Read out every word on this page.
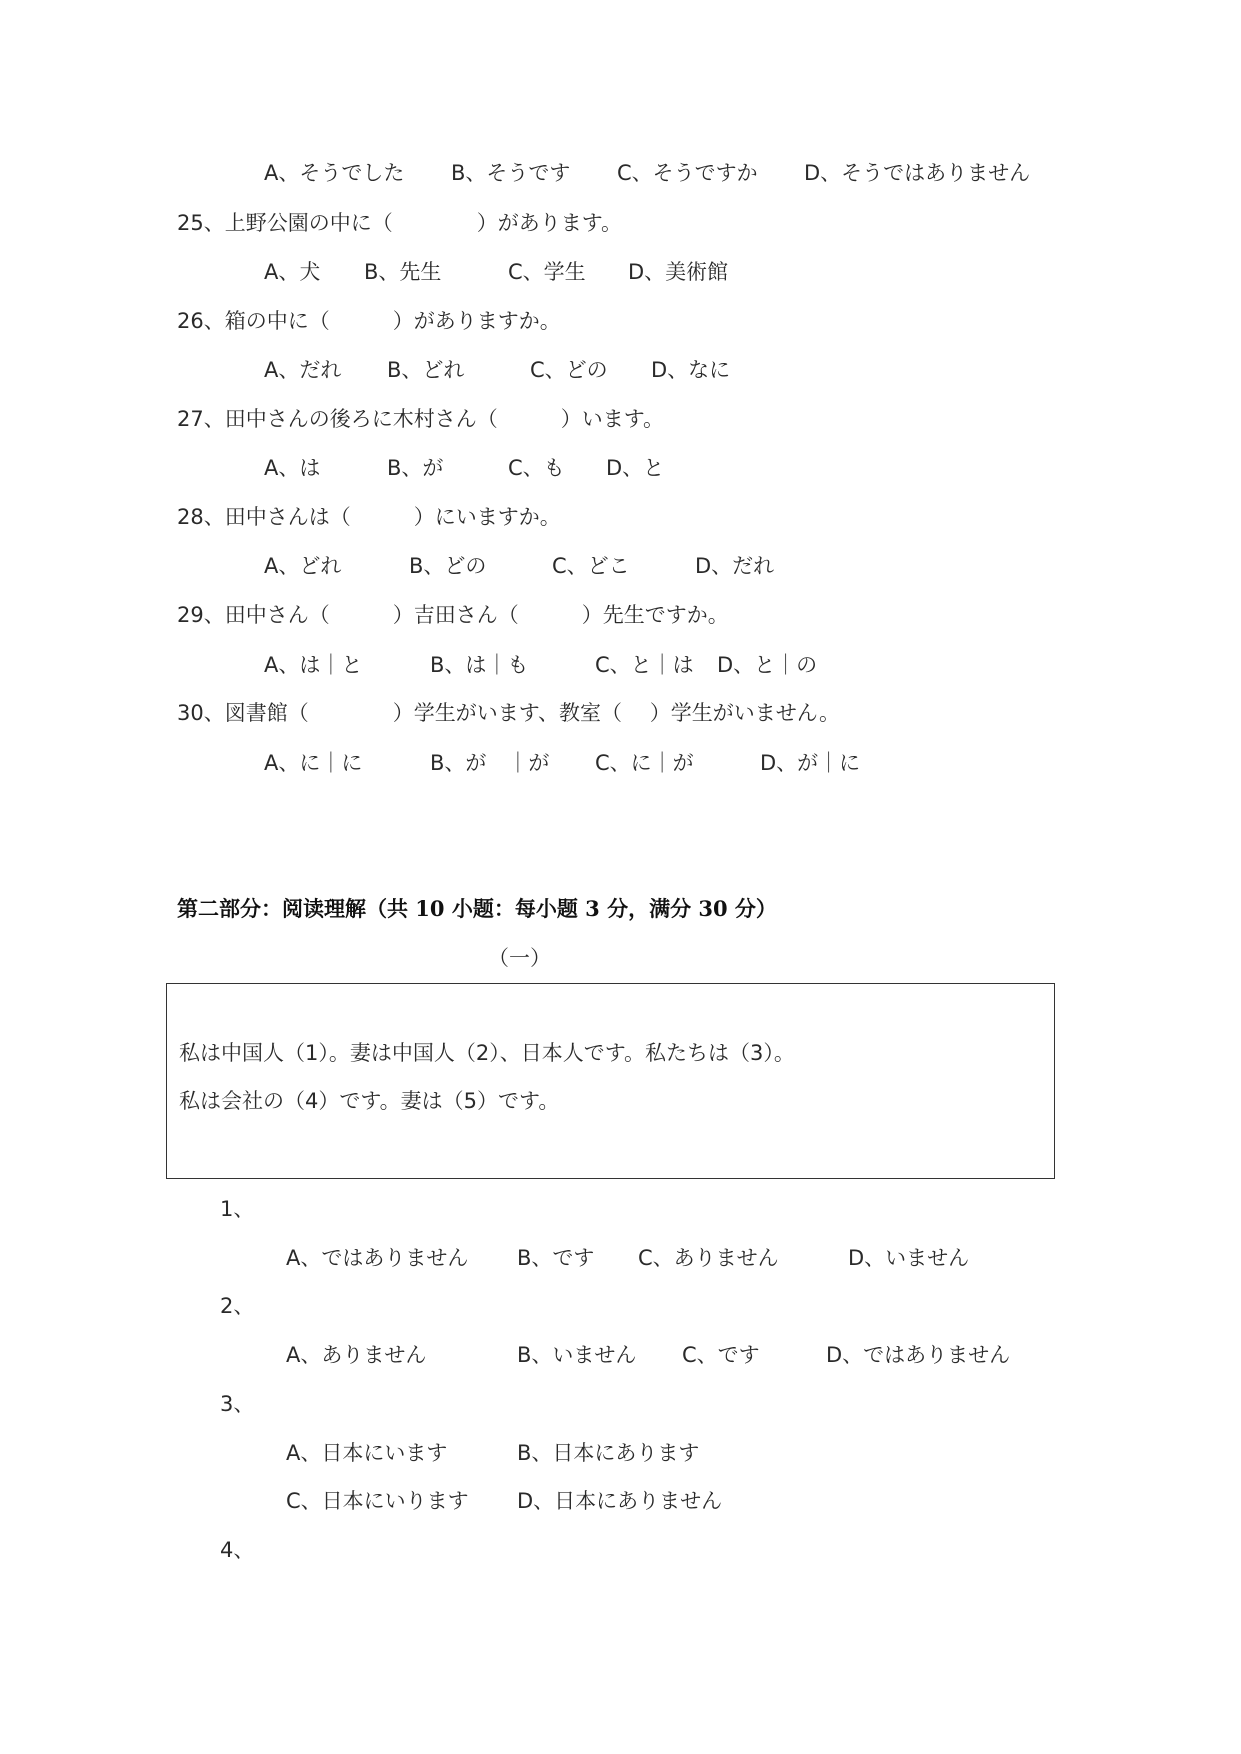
A、そうでした B、そうです C、そうですか D、そうではありません
25、上野公園の中に（　　　　）があります。
A、犬 B、先生	C、学生 D、美術館
26、箱の中に（　　　）がありますか。
A、だれ B、どれ	C、どの D、なに
27、田中さんの後ろに木村さん（　　　）います。
A、は	B、が	C、も D、と
28、田中さんは（　　　）にいますか。
A、どれ	B、どの	C、どこ	D、だれ
29、田中さん（　　　）吉田さん（　　　）先生ですか。
A、は｜と	B、は｜も	C、と｜は D、と｜の
30、図書館（　　　　）学生がいます、教室（　 ）学生がいません。
A、に｜に	B、が　｜が C、に｜が	D、が｜に
第二部分：阅读理解（共 10 小题：每小题 3 分，满分 30 分）
（一）
私は中国人（1）。妻は中国人（2）、日本人です。私たちは（3）。
私は会社の（4）です。妻は（5）です。
1、
A、ではありません B、です C、ありません	D、いません
2、
A、ありません	B、いません C、です	D、ではありません
3、
A、日本にいます	B、日本にあります
C、日本にいります D、日本にありません
4、
